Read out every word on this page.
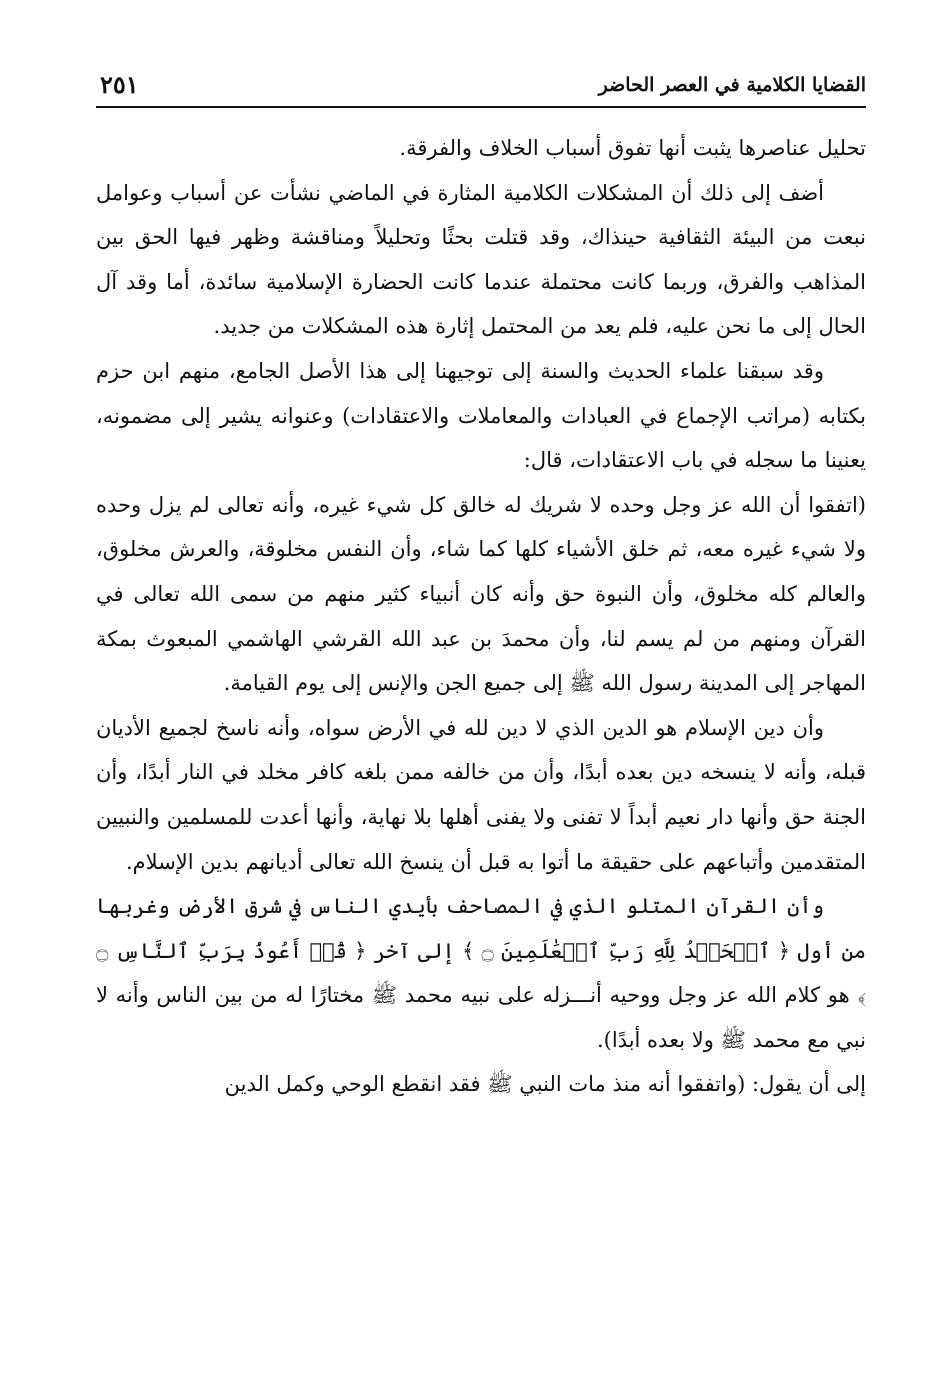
القضايا الكلامية في العصر الحاضر
٢٥١

تحليل عناصرها يثبت أنها تفوق أسباب الخلاف والفرقة.

أضف إلى ذلك أن المشكلات الكلامية المثارة في الماضي نشأت عن أسباب وعوامل نبعت من البيئة الثقافية حينذاك، وقد قتلت بحثًا وتحليلاً ومناقشة وظهر فيها الحق بين المذاهب والفرق، وربما كانت محتملة عندما كانت الحضارة الإسلامية سائدة، أما وقد آل الحال إلى ما نحن عليه، فلم يعد من المحتمل إثارة هذه المشكلات من جديد.

وقد سبقنا علماء الحديث والسنة إلى توجيهنا إلى هذا الأصل الجامع، منهم ابن حزم بكتابه (مراتب الإجماع في العبادات والمعاملات والاعتقادات) وعنوانه يشير إلى مضمونه، يعنينا ما سجله في باب الاعتقادات، قال:

(اتفقوا أن الله عز وجل وحده لا شريك له خالق كل شيء غيره، وأنه تعالى لم يزل وحده ولا شيء غيره معه، ثم خلق الأشياء كلها كما شاء، وأن النفس مخلوقة، والعرش مخلوق، والعالم كله مخلوق، وأن النبوة حق وأنه كان أنبياء كثير منهم من سمى الله تعالى في القرآن ومنهم من لم يسم لنا، وأن محمدَ بن عبد الله القرشي الهاشمي المبعوث بمكة المهاجر إلى المدينة رسول الله ﷺ إلى جميع الجن والإنس إلى يوم القيامة.

وأن دين الإسلام هو الدين الذي لا دين لله في الأرض سواه، وأنه ناسخ لجميع الأديان قبله، وأنه لا ينسخه دين بعده أبدًا، وأن من خالفه ممن بلغه كافر مخلد في النار أبدًا، وأن الجنة حق وأنها دار نعيم أبداً لا تفنى ولا يفنى أهلها بلا نهاية، وأنها أعدت للمسلمين والنبيين المتقدمين وأتباعهم على حقيقة ما أتوا به قبل أن ينسخ الله تعالى أديانهم بدين الإسلام.

وأن القرآن المتلو الذي في المصاحف بأيدي الناس في شرق الأرض وغربها من أول ﴿ ٱلۡحَمۡدُ لِلَّهِ رَبِّ ٱلۡعَٰلَمِينَ ۝ ﴾ إلى آخر ﴿ قُلۡ أَعُوذُ بِرَبِّ ٱلنَّاسِ ۝ ﴾ هو كلام الله عز وجل ووحيه أنـــزله على نبيه محمد ﷺ مختارًا له من بين الناس وأنه لا نبي مع محمد ﷺ ولا بعده أبدًا).

إلى أن يقول: (واتفقوا أنه منذ مات النبي ﷺ فقد انقطع الوحي وكمل الدين
